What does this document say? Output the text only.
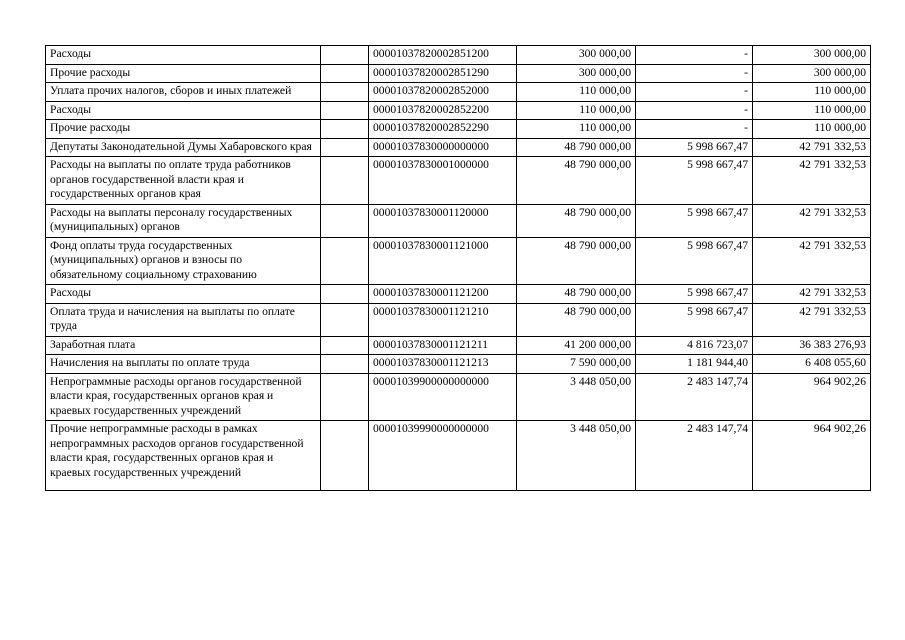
Расходы		00001037820002851200	300 000,00	-	300 000,00
Прочие расходы		00001037820002851290	300 000,00	-	300 000,00
Уплата прочих налогов, сборов и иных платежей		00001037820002852000	110 000,00	-	110 000,00
Расходы		00001037820002852200	110 000,00	-	110 000,00
Прочие расходы		00001037820002852290	110 000,00	-	110 000,00
Депутаты Законодательной Думы Хабаровского края		00001037830000000000	48 790 000,00	5 998 667,47	42 791 332,53
Расходы на выплаты по оплате труда работников органов государственной власти края и государственных органов края		00001037830001000000	48 790 000,00	5 998 667,47	42 791 332,53
Расходы на выплаты персоналу государственных (муниципальных) органов		00001037830001120000	48 790 000,00	5 998 667,47	42 791 332,53
Фонд оплаты труда государственных (муниципальных) органов и взносы по обязательному социальному страхованию		00001037830001121000	48 790 000,00	5 998 667,47	42 791 332,53
Расходы		00001037830001121200	48 790 000,00	5 998 667,47	42 791 332,53
Оплата труда и начисления на выплаты по оплате труда		00001037830001121210	48 790 000,00	5 998 667,47	42 791 332,53
Заработная плата		00001037830001121211	41 200 000,00	4 816 723,07	36 383 276,93
Начисления на выплаты по оплате труда		00001037830001121213	7 590 000,00	1 181 944,40	6 408 055,60
Непрограммные расходы органов государственной власти края, государственных органов края и краевых государственных учреждений		00001039900000000000	3 448 050,00	2 483 147,74	964 902,26
Прочие непрограммные расходы в рамках непрограммных расходов органов государственной власти края, государственных органов края и краевых государственных учреждений		00001039990000000000	3 448 050,00	2 483 147,74	964 902,26
